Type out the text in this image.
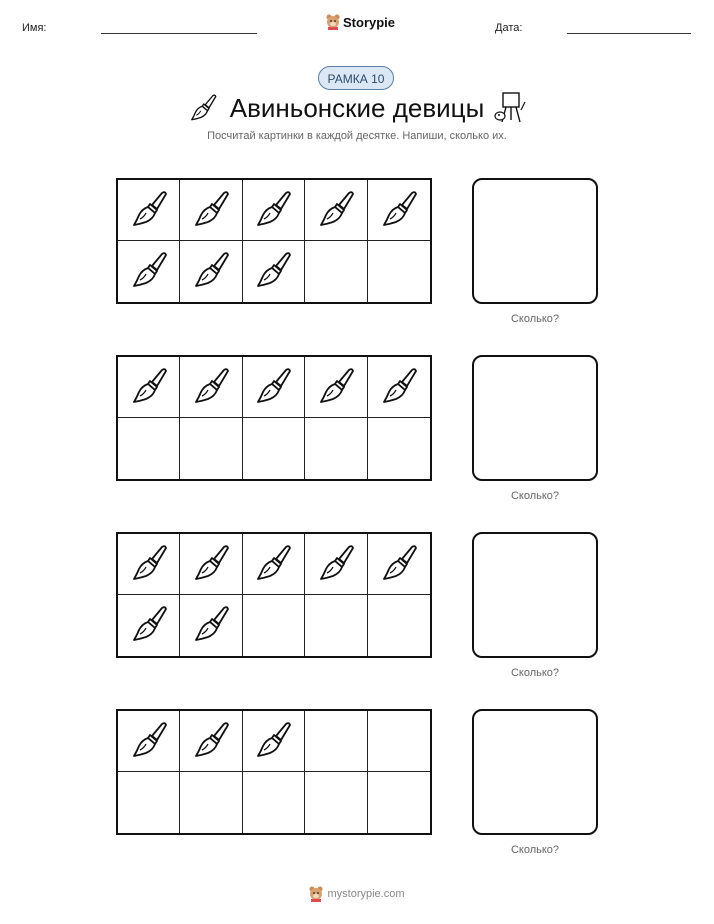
Имя:	Storypie	Дата:
РАМКА 10
Авиньонские девицы
Посчитай картинки в каждой десятке. Напиши, сколько их.
Сколько?
Сколько?
Сколько?
Сколько?
mystorypie.com
